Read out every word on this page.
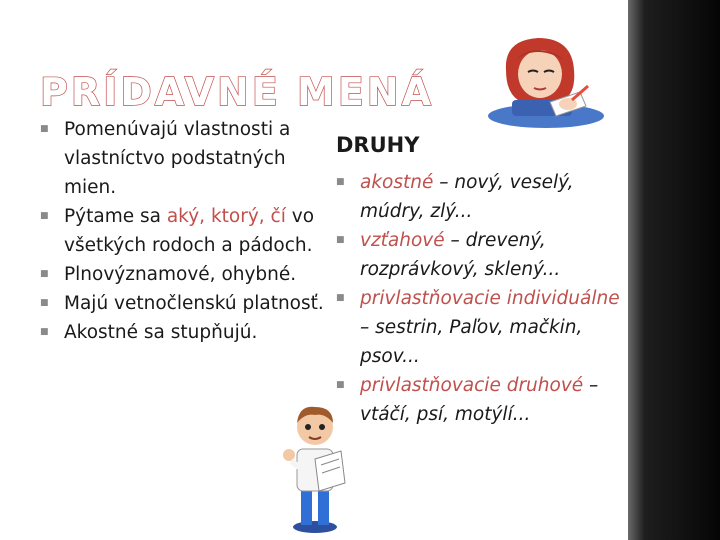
PRÍDAVNÉ MENÁ
■ Pomenúvajú vlastnosti a vlastníctvo podstatných mien.
■ Pýtame sa aký, ktorý, čí vo všetkých rodoch a pádoch.
■ Plnovýznamové, ohybné.
■ Majú vetnočlenskú platnosť.
■ Akostné sa stupňujú.
DRUHY
■ akostné – nový, veselý, múdry, zlý...
■ vzťahové – drevený, rozprávkový, sklený...
■ privlastňovacie individuálne – sestrin, Paľov, mačkin, psov...
■ privlastňovacie druhové – vtáčí, psí, motýlí...
